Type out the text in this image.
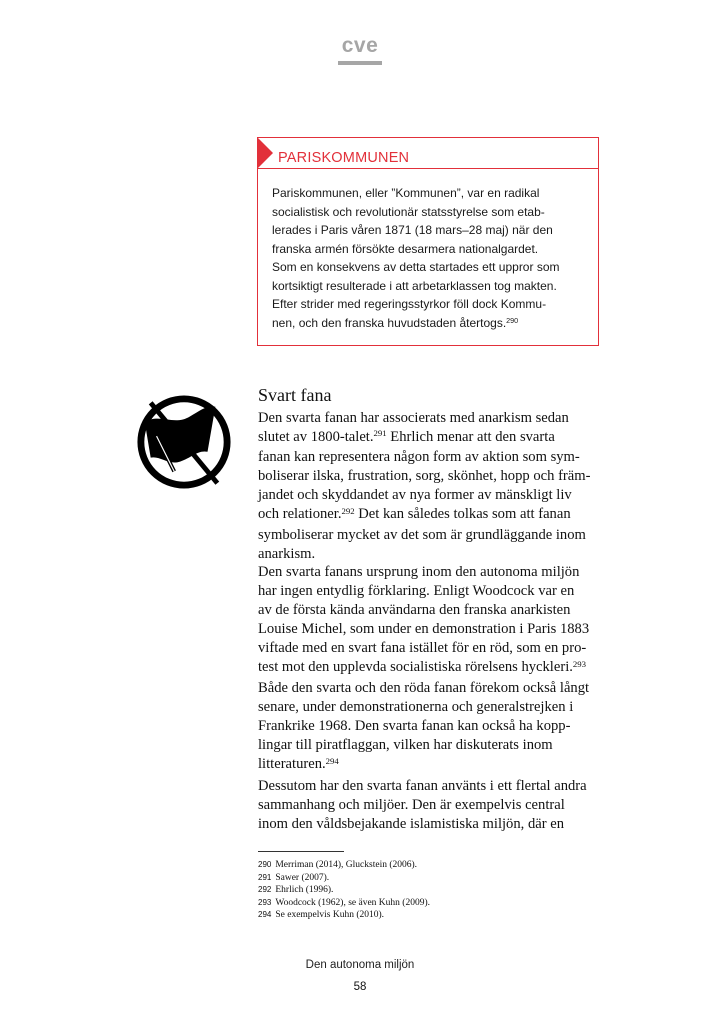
cve
PARISKOMMUNEN
Pariskommunen, eller ”Kommunen”, var en radikal
socialistisk och revolutionär statsstyrelse som etab-
lerades i Paris våren 1871 (18 mars–28 maj) när den
franska armén försökte desarmera nationalgardet.
Som en konsekvens av detta startades ett uppror som
kortsiktigt resulterade i att arbetarklassen tog makten.
Efter strider med regeringsstyrkor föll dock Kommu-
nen, och den franska huvudstaden återtogs.$^{290}$
Svart fana
Den svarta fanan har associerats med anarkism sedan
slutet av 1800-talet.$^{291}$ Ehrlich menar att den svarta
fanan kan representera någon form av aktion som sym-
boliserar ilska, frustration, sorg, skönhet, hopp och främ-
jandet och skyddandet av nya former av mänskligt liv
och relationer.$^{292}$ Det kan således tolkas som att fanan
symboliserar mycket av det som är grundläggande inom
anarkism.
Den svarta fanans ursprung inom den autonoma miljön
har ingen entydlig förklaring. Enligt Woodcock var en
av de första kända användarna den franska anarkisten
Louise Michel, som under en demonstration i Paris 1883
viftade med en svart fana istället för en röd, som en pro-
test mot den upplevda socialistiska rörelsens hyckleri.$^{293}$
Både den svarta och den röda fanan förekom också långt
senare, under demonstrationerna och generalstrejken i
Frankrike 1968. Den svarta fanan kan också ha kopp-
lingar till piratflaggan, vilken har diskuterats inom
litteraturen.$^{294}$
Dessutom har den svarta fanan använts i ett flertal andra
sammanhang och miljöer. Den är exempelvis central
inom den våldsbejakande islamistiska miljön, där en
290 Merriman (2014), Gluckstein (2006).
291 Sawer (2007).
292 Ehrlich (1996).
293 Woodcock (1962), se även Kuhn (2009).
294 Se exempelvis Kuhn (2010).
Den autonoma miljön
58
